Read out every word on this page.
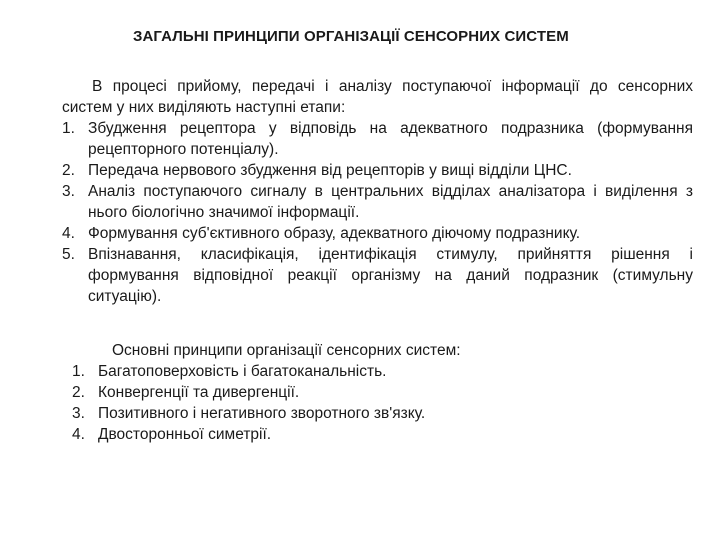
ЗАГАЛЬНІ ПРИНЦИПИ ОРГАНІЗАЦІЇ СЕНСОРНИХ СИСТЕМ

В процесі прийому, передачі і аналізу поступаючої інформації до сенсорних систем у них виділяють наступні етапи:

1. Збудження рецептора у відповідь на адекватного подразника (формування рецепторного потенціалу).
2. Передача нервового збудження від рецепторів у вищі відділи ЦНС.
3. Аналіз поступаючого сигналу в центральних відділах аналізатора і виділення з нього біологічно значимої інформації.
4. Формування суб'єктивного образу, адекватного діючому подразнику.
5. Впізнавання, класифікація, ідентифікація стимулу, прийняття рішення і формування відповідної реакції організму на даний подразник (стимульну ситуацію).

Основні принципи організації сенсорних систем:

1. Багатоповерховість і багатоканальність.
2. Конвергенції та дивергенції.
3. Позитивного і негативного зворотного зв'язку.
4. Двосторонньої симетрії.
